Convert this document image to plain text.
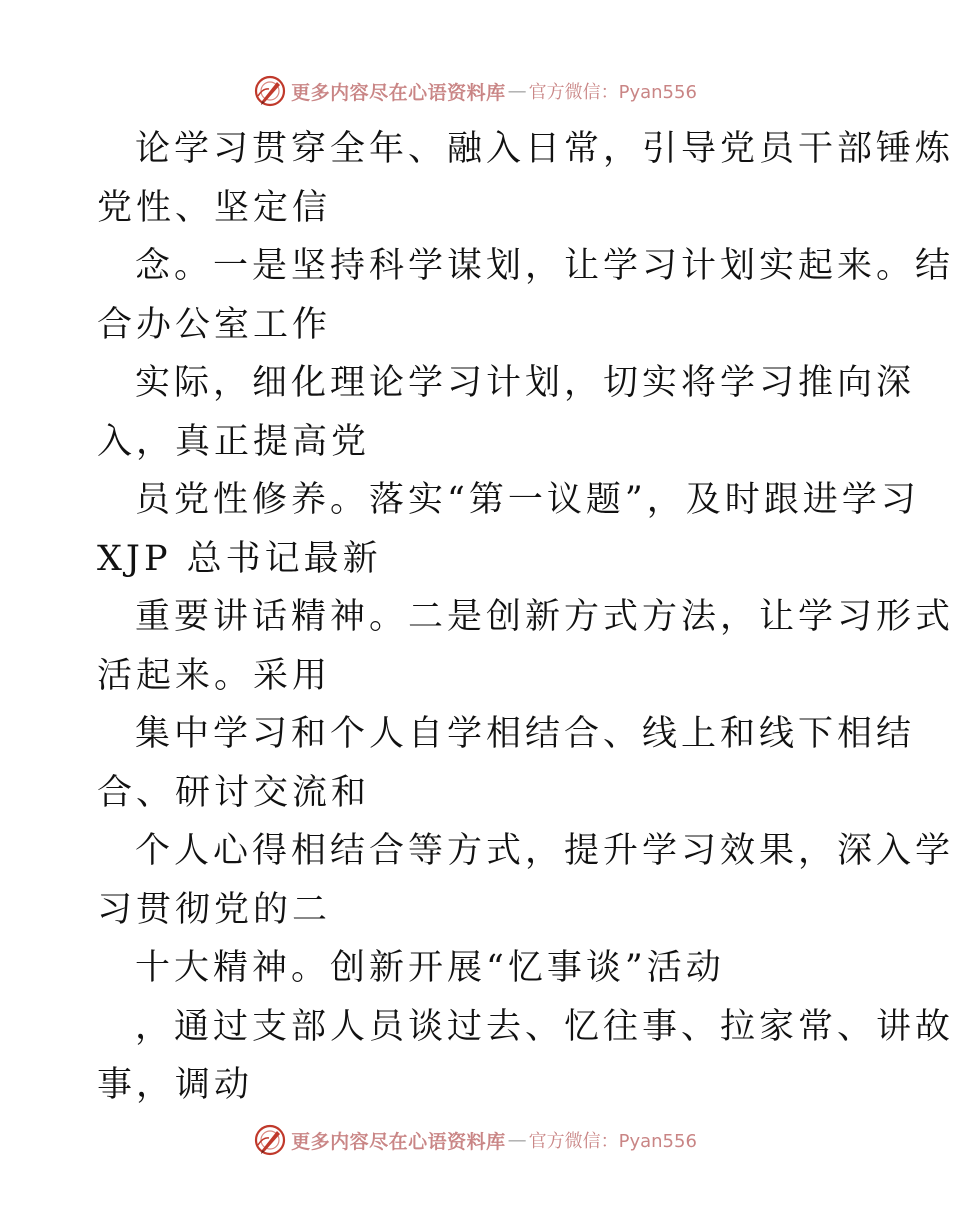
更多内容尽在心语资料库 — 官方微信：Pyan556
论学习贯穿全年、融入日常，引导党员干部锤炼
党性、坚定信
念。一是坚持科学谋划，让学习计划实起来。结
合办公室工作
实际，细化理论学习计划，切实将学习推向深
入，真正提高党
员党性修养。落实“第一议题”，及时跟进学习
XJP 总书记最新
重要讲话精神。二是创新方式方法，让学习形式
活起来。采用
集中学习和个人自学相结合、线上和线下相结
合、研讨交流和
个人心得相结合等方式，提升学习效果，深入学
习贯彻党的二
十大精神。创新开展“忆事谈”活动
，通过支部人员谈过去、忆往事、拉家常、讲故
事，调动
更多内容尽在心语资料库 — 官方微信：Pyan556
